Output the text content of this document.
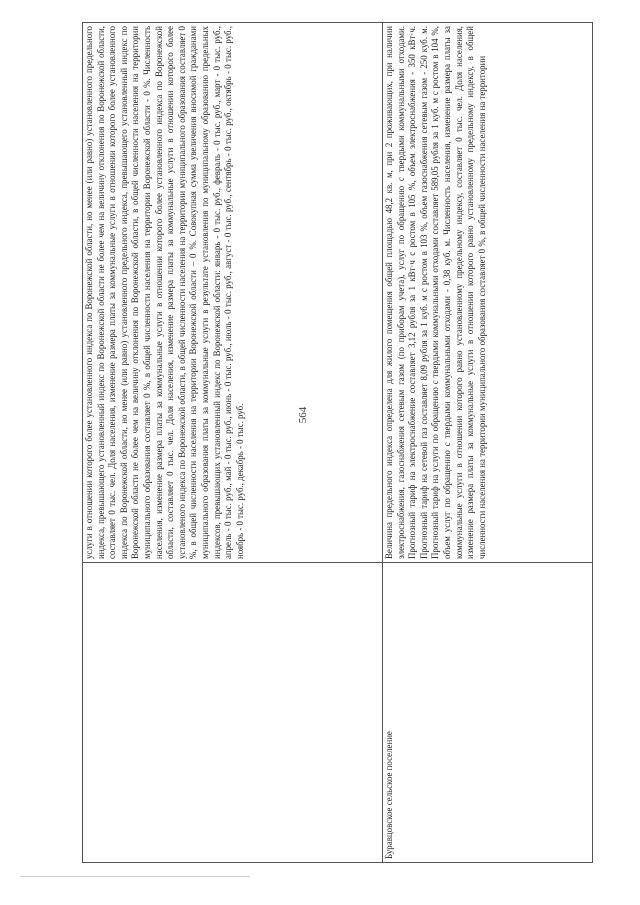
564
	услуги в отношении которого более установленного индекса по Воронежской области, но менее (или равно) установленного предельного индекса, превышающего установленный индекс по Воронежской области не более чем на величину отклонения по Воронежской области, составляет 0 тыс. чел. Доля населения, изменение размера платы за коммунальные услуги в отношении которого более установленного индекса по Воронежской области, но менее (или равно) установленного предельного индекса, превышающего установленный индекс по Воронежской области не более чем на величину отклонения по Воронежской области, в общей численности населения на территории муниципального образования составляет 0 %, в общей численности населения на территории Воронежской области - 0 %. Численность населения, изменение размера платы за коммунальные услуги в отношении которого более установленного индекса по Воронежской области, составляет 0 тыс. чел. Доля населения, изменение размера платы за коммунальные услуги в отношении которого более установленого индекса по Воронежской области, в общей численности населения на территории муниципального образования составляет 0 %, в общей численности населения на территории Воронежской области – 0 %. Совокупная сумма увеличения вносимой гражданами муниципального образования платы за коммунальные услуги в результате установления по муниципальному образованию предельных индексов, превышающих установленный индекс по Воронежской области: январь - 0 тыс. руб., февраль - 0 тыс. руб., март - 0 тыс. руб., апрель - 0 тыс. руб., май - 0 тыс. руб., июнь - 0 тыс. руб., июль - 0 тыс. руб., август - 0 тыс. руб., сентябрь - 0 тыс. руб., октябрь - 0 тыс. руб., ноябрь - 0 тыс. руб., декабрь - 0 тыс. руб.
Буравцовское сельское поселение	Величина предельного индекса определена для жилого помещения общей площадью 48,2 кв. м, при 2 проживающих, при наличии электроснабжения, газоснабжения сетевым газом (по приборам учета), услуг по обращению с твердыми коммунальными отходами. Прогнозный тариф на электроснабжение составляет 3,12 рубля за 1 кВт·ч с ростом в 105 %, объем электроснабжения - 350 кВт·ч. Прогнозный тариф на сетевой газ составляет 8,09 рубля за 1 куб. м с ростом в 103 %, объем газоснабжения сетевым газом - 250 куб. м. Прогнозный тариф на услуги по обращению с твердыми коммунальными отходами составляет 589,05 рубля за 1 куб. м с ростом в 104 %, объем услуг по обращению с твердыми коммунальными отходами - 0,38 куб. м. Численность населения, изменение размера платы за коммунальные услуги в отношении которого равно установленному предельному индексу, составляет 0 тыс. чел. Доля населения, изменение размера платы за коммунальные услуги в отношении которого равно установленному предельному индексу, в общей численности населения на территории муниципального образования составляет 0 %, в общей численности населения на территории
